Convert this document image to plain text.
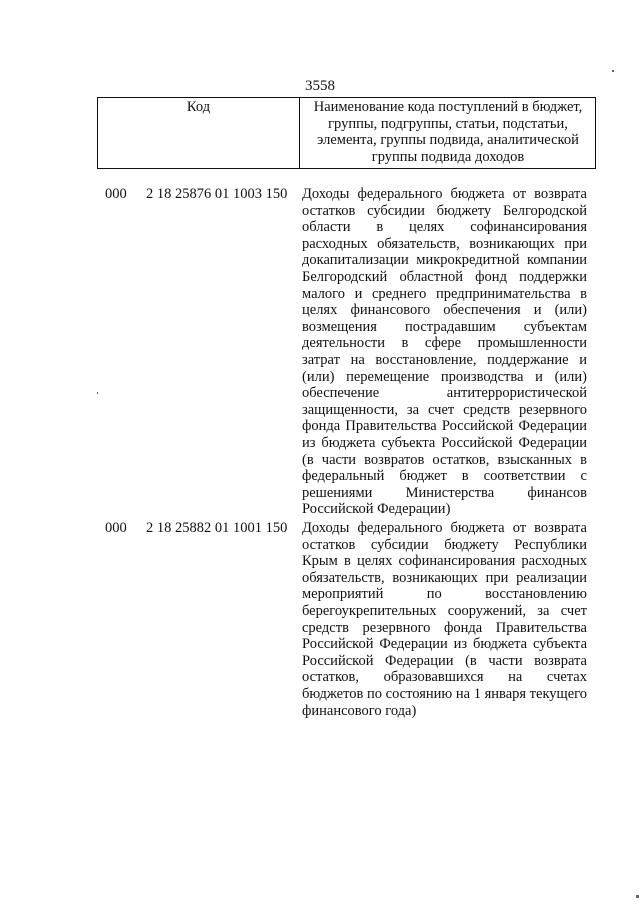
3558
Код	Наименование кода поступлений в бюджет,
группы, подгруппы, статьи, подстатьи,
элемента, группы подвида, аналитической
группы подвида доходов
000 2 18 25876 01 1003 150 Доходы федерального бюджета от возврата
остатков субсидии бюджету Белгородской
области в целях софинансирования
расходных обязательств, возникающих при
докапитализации микрокредитной компании
Белгородский областной фонд поддержки
малого и среднего предпринимательства в
целях финансового обеспечения и (или)
возмещения пострадавшим субъектам
деятельности в сфере промышленности
затрат на восстановление, поддержание и
(или) перемещение производства и (или)
обеспечение антитеррористической
защищенности, за счет средств резервного
фонда Правительства Российской Федерации
из бюджета субъекта Российской Федерации
(в части возвратов остатков, взысканных в
федеральный бюджет в соответствии с
решениями Министерства финансов
Российской Федерации)
000 2 18 25882 01 1001 150 Доходы федерального бюджета от возврата
остатков субсидии бюджету Республики
Крым в целях софинансирования расходных
обязательств, возникающих при реализации
мероприятий по восстановлению
берегоукрепительных сооружений, за счет
средств резервного фонда Правительства
Российской Федерации из бюджета субъекта
Российской Федерации (в части возврата
остатков, образовавшихся на счетах
бюджетов по состоянию на 1 января текущего
финансового года)
